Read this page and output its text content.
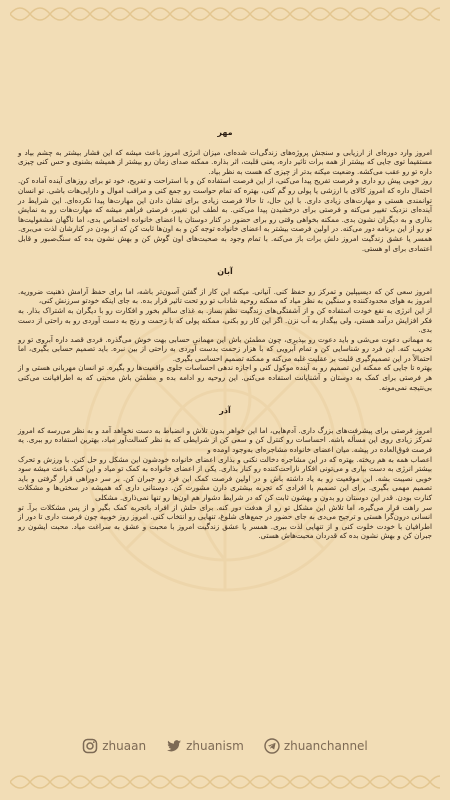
مهر
امروز وارد دوره‌ای از ارزیابی و سنجش پروژه‌های زندگی‌ات شده‌ای، میزان انرژی امروز باعث میشه که این فشار بیشتر به چشم بیاد و مستقیما توی جایی که بیشتر از همه برات تاثیر داره، یعنی قلبت، اثر بذاره. ممکنه صدای زمان رو بیشتر از همیشه بشنوی و حس کنی چیزی داره تو رو عقب می‌کشه. وضعیت میکنه بدتر از چیزی که هست به نظر بیاد.
روز خوبی پیش رو داری و فرصت تفریح پیدا می‌کنی، از این فرصت استفاده کن و با استراحت و تفریح، خود تو برای روزهای آینده آماده کن. احتمال داره که امروز کالای با ارزشی یا پولی رو گم کنی، بهتره که تمام حواست رو جمع کنی و مراقب اموال و دارایی‌هات باشی. تو انسان توانمندی هستی و مهارت‌های زیادی داری. با این حال، تا حالا فرصت زیادی برای نشان دادن این مهارت‌ها پیدا نکرده‌ای. این شرایط در آینده‌ای نزدیک تغییر می‌کنه و فرصتی برای درخشیدن پیدا می‌کنی. به لطف این تغییر، فرصتی فراهم میشه که مهارت‌هات رو به نمایش بذاری و به دیگران نشون بدی. ممکنه بخواهی وقتی رو برای حضور در کنار دوستان یا اعضای خانواده اختصاص بدی، اما ناگهان مشغولیت‌ها تو رو از این برنامه دور می‌کنه. در اولین فرصت بیشتر به اعضای خانواده توجه کن و به اون‌ها ثابت کن که از بودن در کنارشان لذت می‌بری. همسر یا عشق زندگیت امروز دلش برات باز می‌کنه. با تمام وجود به صحبت‌های اون گوش کن و بهش نشون بده که سنگ‌صبور و قابل اعتمادی برای او هستی.
آبان
امروز سعی کن که دیسیپلین و تمرکز رو حفظ کنی. آنیانی. میکنه این کار از گفتن آسون‌تر باشه، اما برای حفظ آرامش ذهنیت ضروریه. امروز به هوای محدودکننده و سنگین به نظر میاد که ممکنه روحیه شاداب تو رو تحت تاثیر قرار بده. به جای اینکه خودتو سرزنش کنی،
از این انرژی به نفع خودت استفاده کن و از آشفتگی‌های زندگیت نظم بساز. به غذای سالم بخور و افکارت رو با دیگران به اشتراک بذار. به فکر افزایش درآمد هستی، ولی بیگدار به آب نزن. اگر این کار رو بکنی، ممکنه پولی که با زحمت و رنج به دست آوردی رو به راحتی از دست بدی.
به مهمانی دعوت می‌شی و باید دعوت رو بپذیری، چون مطمئن باش این مهمانی حسابی بهت خوش می‌گذره. فردی قصد داره آبروی تو رو تخریب کنه. این فرد رو شناسایی کن و تمام آبرویی که با هزار زحمت بدست آوردی به راحتی از بین نبره. باید تصمیم حسابی بگیری، اما احتمالاً در این تصمیم‌گیری قلبت بر عقلیت غلبه می‌کنه و ممکنه تصمیم احساسی بگیری.
بهتره تا جایی که ممکنه این تصمیم رو به آینده موکول کنی و اجازه ندهی احساسات جلوی واقعیت‌ها رو بگیره. تو انسان مهربانی هستی و از هر فرصتی برای کمک به دوستان و آشنایانت استفاده می‌کنی. این روحیه رو ادامه بده و مطمئن باش محبتی که به اطرافیانت می‌کنی بی‌نتیجه نمی‌مونه.
آذر
امروز فرصتی برای پیشرفت‌های بزرگ داری. آدم‌هایی، اما این خواهر بدون تلاش و انضباط به دست نخواهد آمد و به نظر می‌رسه که امروز تمرکز زیادی روی این مسأله باشه. احساسات رو کنترل کن و سعی کن از شرایطی که به نظر کسالت‌آور میاد، بهترین استفاده رو ببری. یه فرصت فوق‌العاده در پیشه. میان اعضای خانواده مشاجره‌ای به‌وجود اومده و
اعصاب همه به هم ریخته. بهتره که در این مشاجره دخالت نکنی و بذاری اعضای خانواده خودشون این مشکل رو حل کنن. با ورزش و تحرک بیشتر انرژی به دست بیاری و می‌تونی افکار ناراحت‌کننده رو کنار بذاری. یکی از اعضای خانواده به کمک تو میاد و این کمک باعث میشه سود خوبی نصیبت بشه. این موقعیت رو به یاد داشته باش و در اولین فرصت کمک این فرد رو جبران کن. بر سر دوراهی قرار گرفتی و باید تصمیم مهمی بگیری. برای این تصمیم با افرادی که تجربه بیشتری دارن مشورت کن. دوستانی داری که همیشه در سختی‌ها و مشکلات کنارت بودن. قدر این دوستان رو بدون و بهشون ثابت کن که در شرایط دشوار هم اون‌ها رو تنها نمی‌ذاری. مشکلی
سر راهت قرار می‌گیره، اما تلاش این مشکل تو رو از هدفت دور کنه. برای حلش از افراد باتجربه کمک بگیر و از پس مشکلات برآ. تو انسانی درون‌گرا هستی و ترجیح می‌دی به جای حضور در جمع‌های شلوغ، تنهایی رو انتخاب کنی. امروز روز خوبیه چون فرصت داری تا دور از اطرافیان با خودت خلوت کنی و از تنهایی لذت ببری. همسر یا عشق زندگیت امروز با محبت و عشق به سراغت میاد. محبت ایشون رو جبران کن و بهش نشون بده که قدردان محبت‌هاش هستی.
zhuaan	zhuanism	zhuanchannel
